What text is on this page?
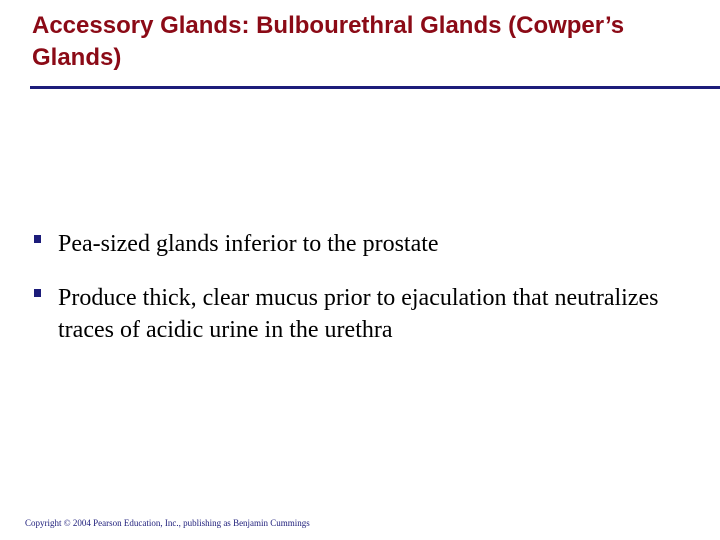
Accessory Glands: Bulbourethral Glands (Cowper’s Glands)
Pea-sized glands inferior to the prostate
Produce thick, clear mucus prior to ejaculation that neutralizes traces of acidic urine in the urethra
Copyright © 2004 Pearson Education, Inc., publishing as Benjamin Cummings
